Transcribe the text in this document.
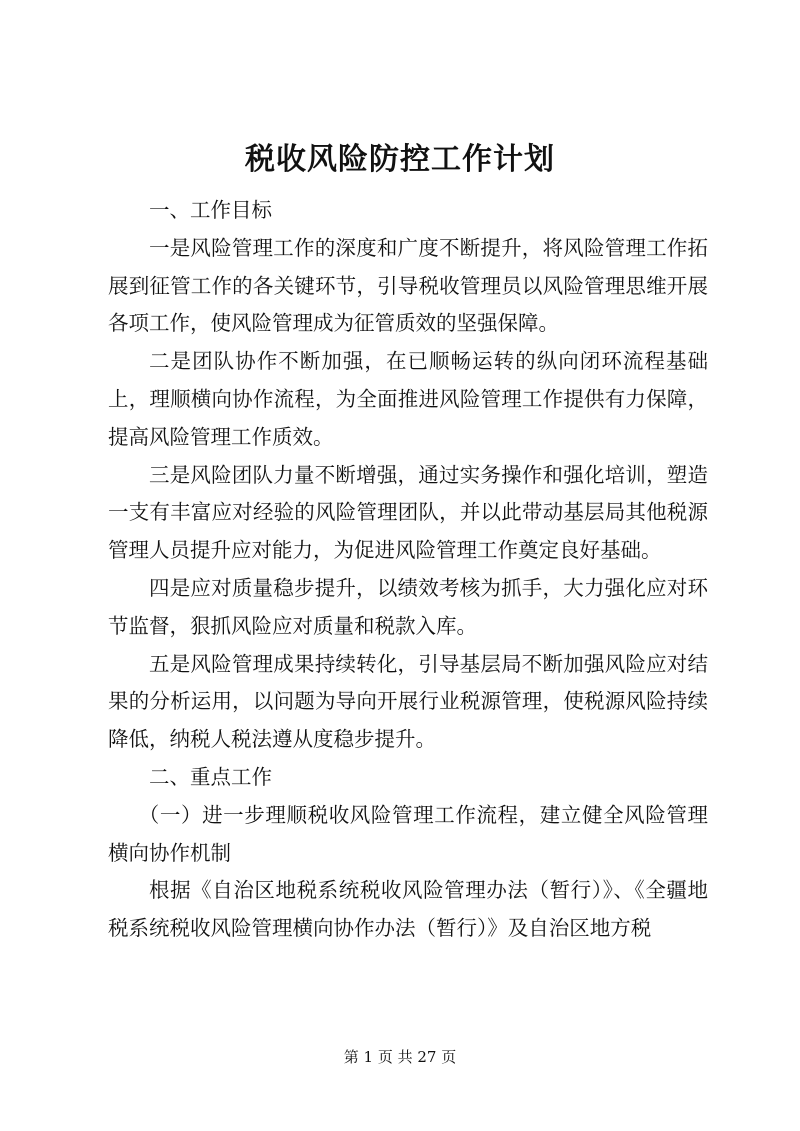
税收风险防控工作计划

一、工作目标

一是风险管理工作的深度和广度不断提升，将风险管理工作拓展到征管工作的各关键环节，引导税收管理员以风险管理思维开展各项工作，使风险管理成为征管质效的坚强保障。

二是团队协作不断加强，在已顺畅运转的纵向闭环流程基础上，理顺横向协作流程，为全面推进风险管理工作提供有力保障，提高风险管理工作质效。

三是风险团队力量不断增强，通过实务操作和强化培训，塑造一支有丰富应对经验的风险管理团队，并以此带动基层局其他税源管理人员提升应对能力，为促进风险管理工作奠定良好基础。

四是应对质量稳步提升，以绩效考核为抓手，大力强化应对环节监督，狠抓风险应对质量和税款入库。

五是风险管理成果持续转化，引导基层局不断加强风险应对结果的分析运用，以问题为导向开展行业税源管理，使税源风险持续降低，纳税人税法遵从度稳步提升。

二、重点工作

（一）进一步理顺税收风险管理工作流程，建立健全风险管理横向协作机制

根据《自治区地税系统税收风险管理办法（暂行）》、《全疆地税系统税收风险管理横向协作办法（暂行）》及自治区地方税

第 1 页 共 27 页
